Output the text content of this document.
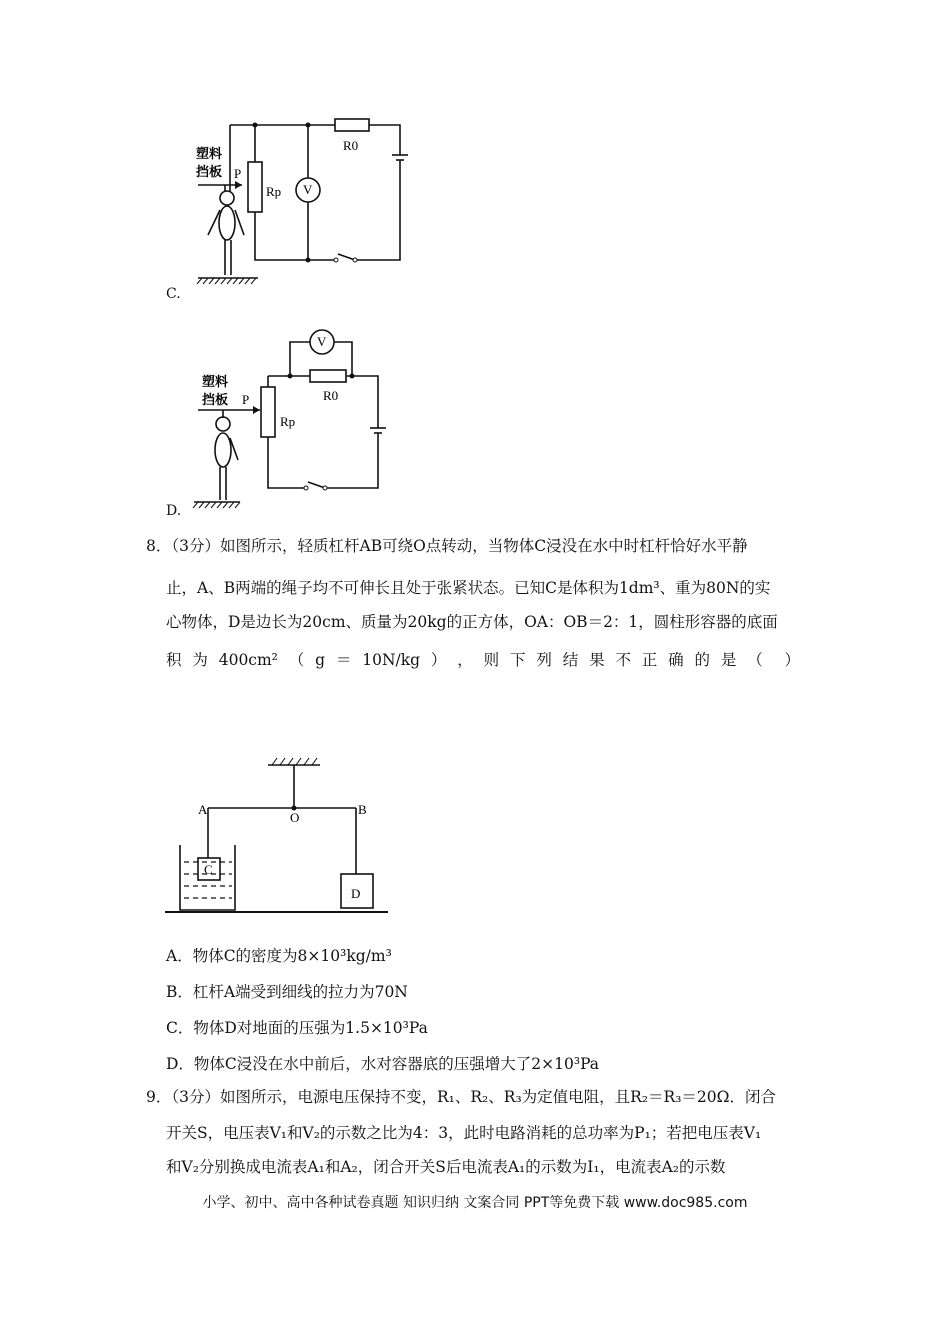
塑料
挡板 P
Rp V
R0
C.
塑料
挡板 P
Rp
V
R0
D.
8．（3分）如图所示，轻质杠杆AB可绕O点转动，当物体C浸没在水中时杠杆恰好水平静
止，A、B两端的绳子均不可伸长且处于张紧状态。已知C是体积为1dm³、重为80N的实
心物体，D是边长为20cm、质量为20kg的正方体，OA：OB＝2：1，圆柱形容器的底面
积 为 400cm² （ g ＝ 10N/kg ） ， 则 下 列 结 果 不 正 确 的 是 （ ）
A	B
O
C
D
A．物体C的密度为8×10³kg/m³
B．杠杆A端受到细线的拉力为70N
C．物体D对地面的压强为1.5×10³Pa
D．物体C浸没在水中前后，水对容器底的压强增大了2×10³Pa
9．（3分）如图所示，电源电压保持不变，R₁、R₂、R₃为定值电阻，且R₂＝R₃＝20Ω．闭合
开关S，电压表V₁和V₂的示数之比为4：3，此时电路消耗的总功率为P₁；若把电压表V₁
和V₂分别换成电流表A₁和A₂，闭合开关S后电流表A₁的示数为I₁，电流表A₂的示数
小学、初中、高中各种试卷真题 知识归纳 文案合同 PPT等免费下载 www.doc985.com
